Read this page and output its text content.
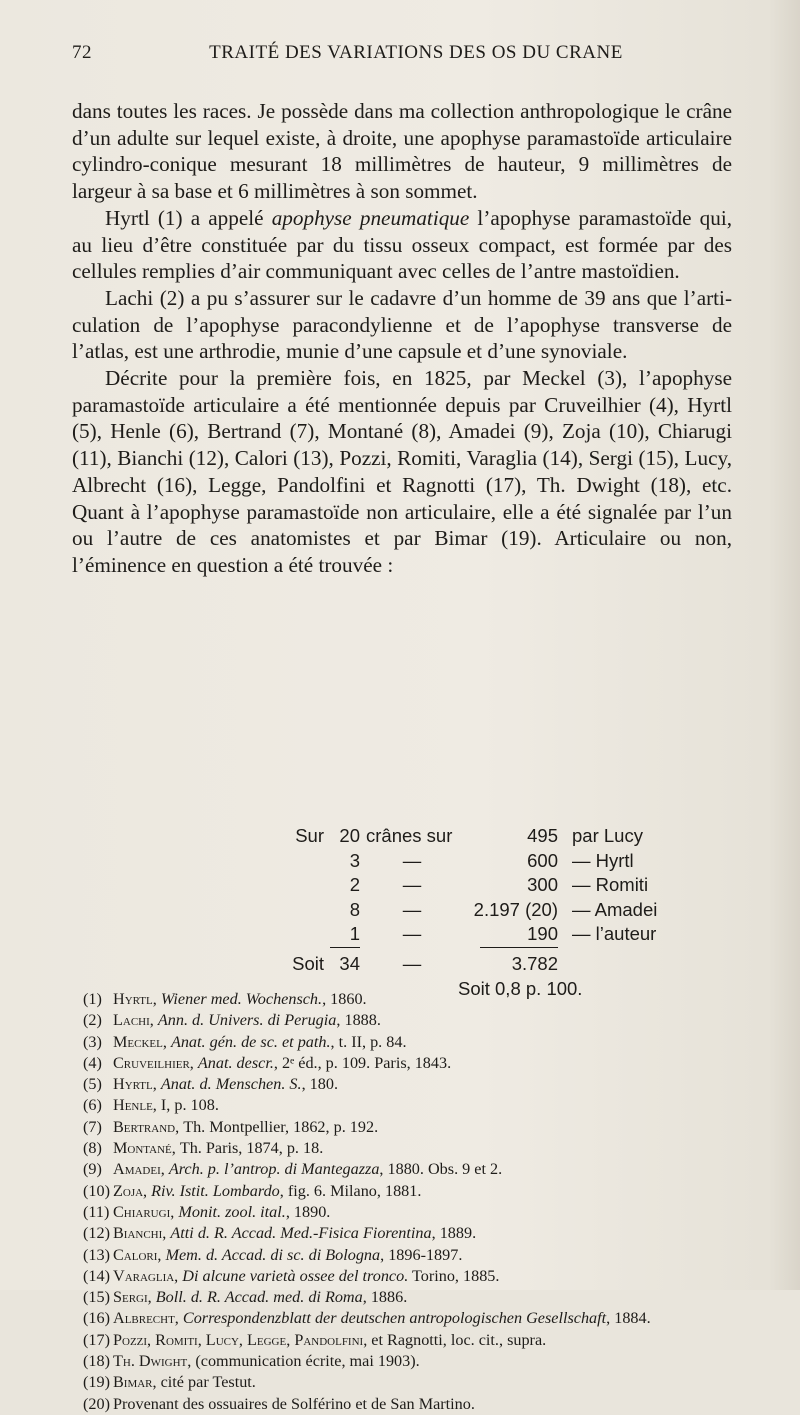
72	TRAITÉ DES VARIATIONS DES OS DU CRANE

dans toutes les races. Je possède dans ma collection anthropologique le crâne d’un adulte sur lequel existe, à droite, une apophyse paramastoïde articulaire cylindro-conique mesurant 18 millimètres de hauteur, 9 millimètres de largeur à sa base et 6 millimètres à son sommet.

Hyrtl (1) a appelé apophyse pneumatique l’apophyse paramastoïde qui, au lieu d’être constituée par du tissu osseux compact, est formée par des cellules remplies d’air communiquant avec celles de l’antre mastoïdien.

Lachi (2) a pu s’assurer sur le cadavre d’un homme de 39 ans que l’articulation de l’apophyse paracondylienne et de l’apophyse transverse de l’atlas, est une arthrodie, munie d’une capsule et d’une synoviale.

Décrite pour la première fois, en 1825, par Meckel (3), l’apophyse paramastoïde articulaire a été mentionnée depuis par Cruveilhier (4), Hyrtl (5), Henle (6), Bertrand (7), Montané (8), Amadei (9), Zoja (10), Chiarugi (11), Bianchi (12), Calori (13), Pozzi, Romiti, Varaglia (14), Sergi (15), Lucy, Albrecht (16), Legge, Pandolfini et Ragnotti (17), Th. Dwight (18), etc. Quant à l’apophyse paramastoïde non articulaire, elle a été signalée par l’un ou l’autre de ces anatomistes et par Bimar (19). Articulaire ou non, l’éminence en question a été trouvée :

Sur	20	crânes sur	495	par Lucy
	3	—	600	— Hyrtl
	2	—	300	— Romiti
	8	—	2.197 (20)	— Amadei
	1	—	190	— l’auteur
Soit	34	—	3.782	
			Soit 0,8 p. 100.	
(1) Hyrtl, Wiener med. Wochensch., 1860.
(2) Lachi, Ann. d. Univers. di Perugia, 1888.
(3) Meckel, Anat. gén. de sc. et path., t. II, p. 84.
(4) Cruveilhier, Anat. descr., 2ᵉ éd., p. 109. Paris, 1843.
(5) Hyrtl, Anat. d. Menschen. S., 180.
(6) Henle, I, p. 108.
(7) Bertrand, Th. Montpellier, 1862, p. 192.
(8) Montané, Th. Paris, 1874, p. 18.
(9) Amadei, Arch. p. l’antrop. di Mantegazza, 1880. Obs. 9 et 2.
(10) Zoja, Riv. Istit. Lombardo, fig. 6. Milano, 1881.
(11) Chiarugi, Monit. zool. ital., 1890.
(12) Bianchi, Atti d. R. Accad. Med.-Fisica Fiorentina, 1889.
(13) Calori, Mem. d. Accad. di sc. di Bologna, 1896-1897.
(14) Varaglia, Di alcune varietà ossee del tronco. Torino, 1885.
(15) Sergi, Boll. d. R. Accad. med. di Roma, 1886.
(16) Albrecht, Correspondenzblatt der deutschen antropologischen Gesellschaft, 1884.
(17) Pozzi, Romiti, Lucy, Legge, Pandolfini, et Ragnotti, loc. cit., supra.
(18) Th. Dwight, (communication écrite, mai 1903).
(19) Bimar, cité par Testut.
(20) Provenant des ossuaires de Solférino et de San Martino.
